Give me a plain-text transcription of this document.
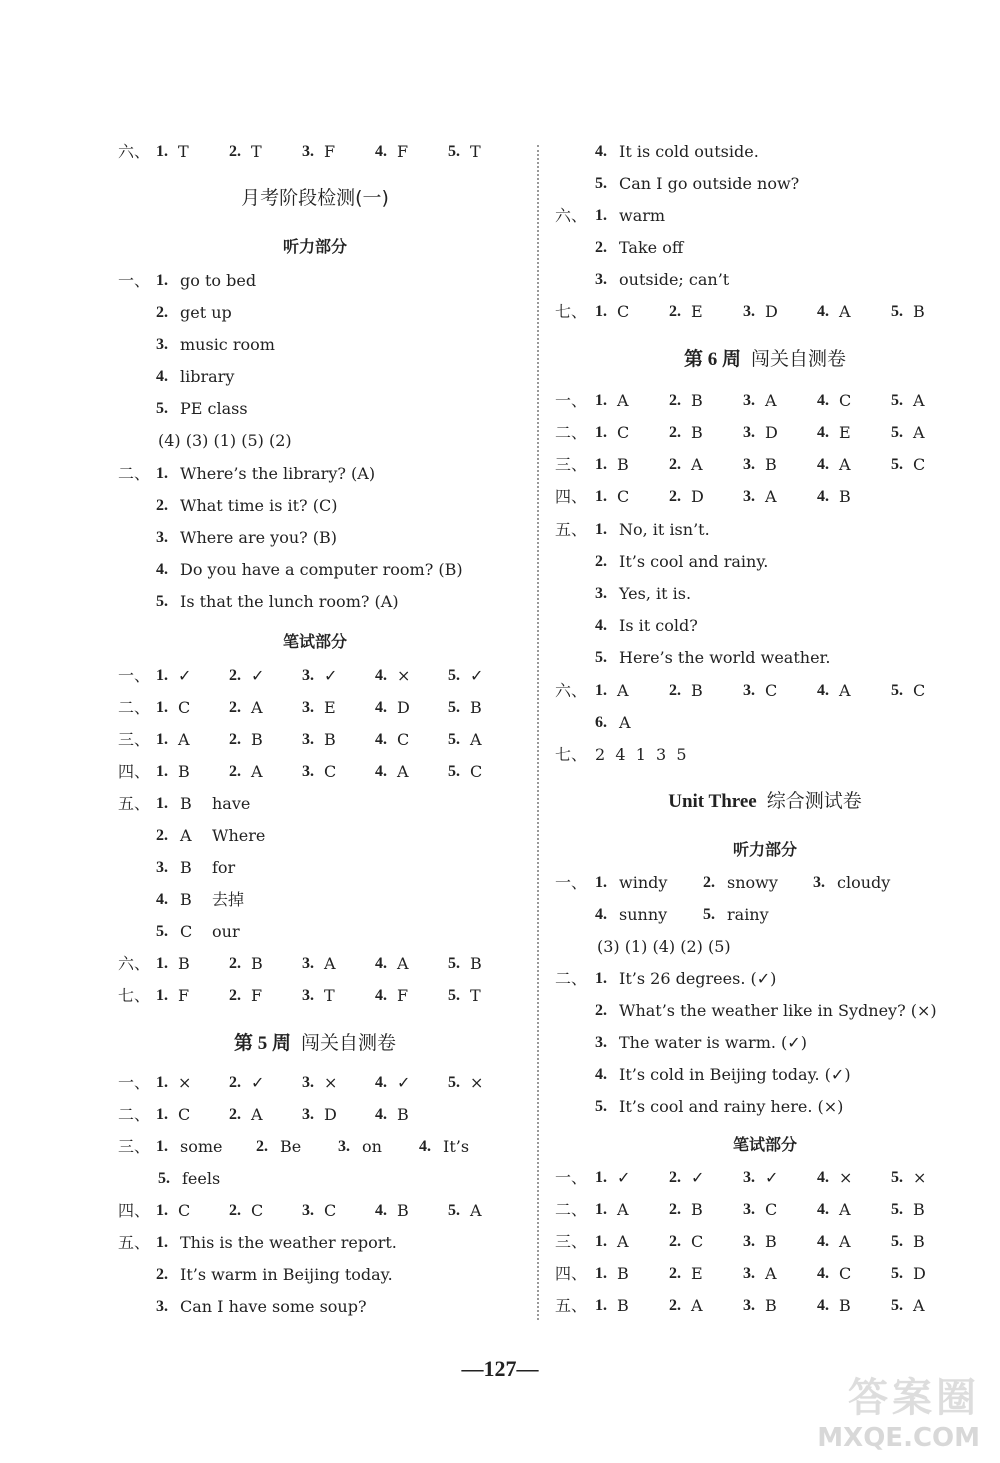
六、 1. T	2. T	3. F 4. F 5. T
月考阶段检测(一)
听力部分
一、 1. go to bed
2. get up
3. music room
4. library
5. PE class
(4) (3) (1) (5) (2)
二、 1. Where’s the library? (A)
2. What time is it? (C)
3. Where are you? (B)
4. Do you have a computer room? (B)
5. Is that the lunch room? (A)
笔试部分
一、 1. ✓ 2. ✓ 3. ✓ 4. × 5. ✓
二、 1. C 2. A 3. E 4. D 5. B
三、 1. A 2. B 3. B 4. C 5. A
四、 1. B 2. A 3. C 4. A 5. C
五、 1. B have
2. A Where
3. B for
4. B 去掉
5. C our
六、 1. B 2. B 3. A 4. A 5. B
七、 1. F 2. F 3. T	4. F 5. T
第 5 周 闯关自测卷
一、 1. × 2. ✓ 3. × 4. ✓ 5. ×
二、 1. C 2. A 3. D 4. B
三、 1. some 2. Be 3. on 4. It’s
5. feels
四、 1. C 2. C 3. C 4. B 5. A
五、 1. This is the weather report.
2. It’s warm in Beijing today.
3. Can I have some soup?
4. It is cold outside.
5. Can I go outside now?
六、 1. warm
2. Take off
3. outside; can’t
七、 1. C 2. E	3. D 4. A	5. B
第 6 周 闯关自测卷
一、 1. A	2. B	3. A	4. C 5. A
二、 1. C 2. B	3. D 4. E	5. A
三、 1. B	2. A	3. B	4. A	5. C
四、 1. C 2. D 3. A	4. B
五、 1. No, it isn’t.
2. It’s cool and rainy.
3. Yes, it is.
4. Is it cold?
5. Here’s the world weather.
六、 1. A	2. B	3. C 4. A	5. C
6. A
七、 2  4  1  3  5
Unit Three 综合测试卷
听力部分
一、 1. windy 2. snowy 3. cloudy
4. sunny 5. rainy
(3) (1) (4) (2) (5)
二、 1. It’s 26 degrees. (✓)
2. What’s the weather like in Sydney? (×)
3. The water is warm. (✓)
4. It’s cold in Beijing today. (✓)
5. It’s cool and rainy here. (×)
笔试部分
一、 1. ✓ 2. ✓ 3. ✓ 4. × 5. ×
二、 1. A	2. B	3. C 4. A	5. B
三、 1. A	2. C 3. B	4. A	5. B
四、 1. B	2. E	3. A	4. C 5. D
五、 1. B	2. A	3. B	4. B	5. A
—127—
答案圈
MXQE.COM
